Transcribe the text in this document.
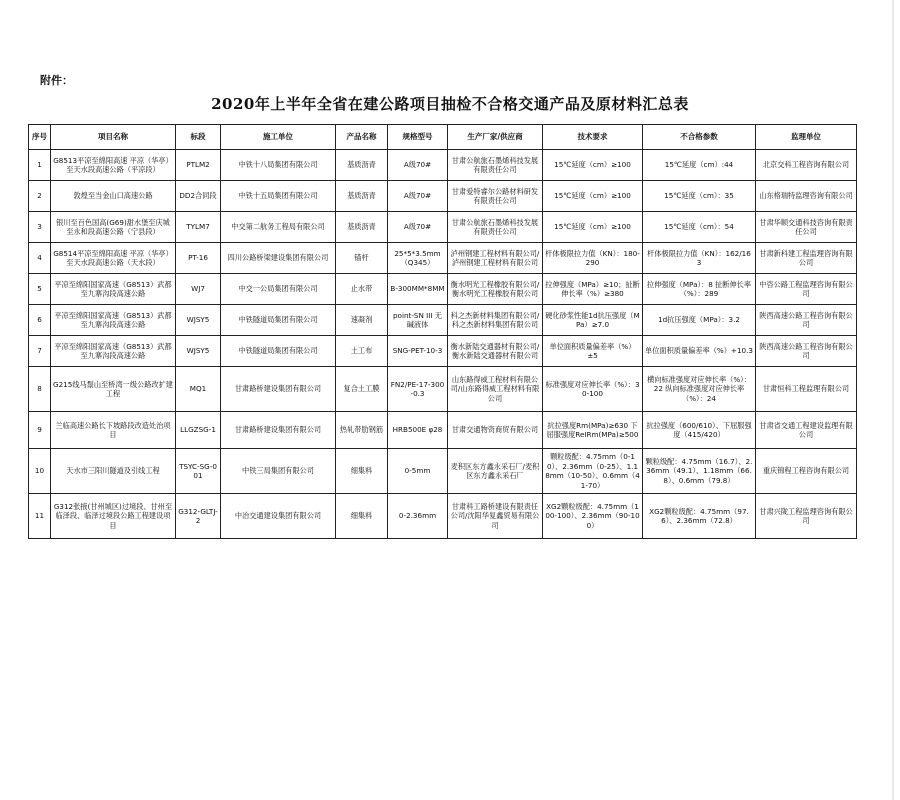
附件：
2020年上半年全省在建公路项目抽检不合格交通产品及原材料汇总表
序号	项目名称	标段	施工单位	产品名称	规格型号	生产厂家/供应商	技术要求	不合格参数	监理单位
1	G8513平凉至绵阳高速 平凉（华亭）至天水段高速公路（平凉段）	PTLM2	中铁十八局集团有限公司	基质沥青	A级70#	甘肃公航旅石墨烯科技发展有限责任公司	15℃延度（cm）≥100	15℃延度（cm）:44	北京交科工程咨询有限公司
2	敦煌至当金山口高速公路	DD2合同段	中铁十五局集团有限公司	基质沥青	A级70#	甘肃爱特睿尔公路材料研发有限责任公司	15℃延度（cm）≥100	15℃延度（cm）：35	山东格瑞特监理咨询有限公司
3	银川至百色国高(G69)甜水堡至庆城至永和段高速公路（宁县段）	TYLM7	中交第二航务工程局有限公司	基质沥青	A级70#	甘肃公航旅石墨烯科技发展有限责任公司	15℃延度（cm）≥100	15℃延度（cm）：54	甘肃华顺交通科技咨询有限责任公司
4	G8514平凉至绵阳高速 平凉（华亭）至天水段高速公路（天水段）	PT-16	四川公路桥梁建设集团有限公司	锚杆	25*5*3.5mm（Q345）	泸州钢建工程材料有限公司/泸州钢建工程材料有限公司	杆体极限拉力值（KN）：180-290	杆体极限拉力值（KN）：162/163	甘肃新科建工程监理咨询有限公司
5	平凉至绵阳国家高速（G8513）武都至九寨沟段高速公路	WJ7	中交一公局集团有限公司	止水带	B-300MM*8MM	衡水明光工程橡胶有限公司/衡水明光工程橡胶有限公司	拉伸强度（MPa）≥10；扯断伸长率（%）≥380	拉伸强度（MPa）：8 扯断伸长率（%）：289	中咨公路工程监理咨询有限公司
6	平凉至绵阳国家高速（G8513）武都至九寨沟段高速公路	WJSY5	中铁隧道局集团有限公司	速凝剂	point-SN III 无碱液体	科之杰新材料集团有限公司/科之杰新材料集团有限公司	硬化砂浆性能1d抗压强度（MPa）≥7.0	1d抗压强度（MPa）：3.2	陕西高速公路工程咨询有限公司
7	平凉至绵阳国家高速（G8513）武都至九寨沟段高速公路	WJSY5	中铁隧道局集团有限公司	土工布	SNG-PET-10-3	衡水新陆交通器材有限公司/衡水新陆交通器材有限公司	单位面积质量偏差率（%）±5	单位面积质量偏差率（%）+10.3	陕西高速公路工程咨询有限公司
8	G215线马鬃山至桥湾一级公路改扩建工程	MQ1	甘肃路桥建设集团有限公司	复合土工膜	FN2/PE-17-300-0.3	山东路得威工程材料有限公司/山东路得威工程材料有限公司	标准强度对应伸长率（%）：30-100	横向标准强度对应伸长率（%）：22 纵向标准强度对应伸长率（%）：24	甘肃恒科工程监理有限公司
9	兰临高速公路长下坡路段改造处治项目	LLGZSG-1	甘肃路桥建设集团有限公司	热轧带肋钢筋	HRB500E φ28	甘肃交通物资商贸有限公司	抗拉强度Rm(MPa)≥630 下屈服强度ReIRm(MPa)≥500	抗拉强度（600/610）、下屈服强度（415/420）	甘肃省交通工程建设监理有限公司
10	天水市三阳川隧道及引线工程	TSYC-SG-001	中铁三局集团有限公司	细集料	0-5mm	麦积区东方鑫永采石厂/麦积区东方鑫永采石厂	颗粒级配：4.75mm（0-10）、2.36mm（0-25）、1.18mm（10-50）、0.6mm（41-70）	颗粒级配：4.75mm（16.7）、2.36mm（49.1）、1.18mm（66.8）、0.6mm（79.8）	重庆锦程工程咨询有限公司
11	G312张掖(甘州城区)过境段、甘州至临泽段、临泽过境段公路工程建设项目	G312-GLTJ-2	中冶交通建设集团有限公司	细集料	0-2.36mm	甘肃科工路桥建设有限责任公司/沈阳华复鑫贸易有限公司	XG2颗粒级配：4.75mm（100-100）、2.36mm（90-100）	XG2颗粒级配：4.75mm（97.6）、2.36mm（72.8）	甘肃兴陇工程监理咨询有限公司
